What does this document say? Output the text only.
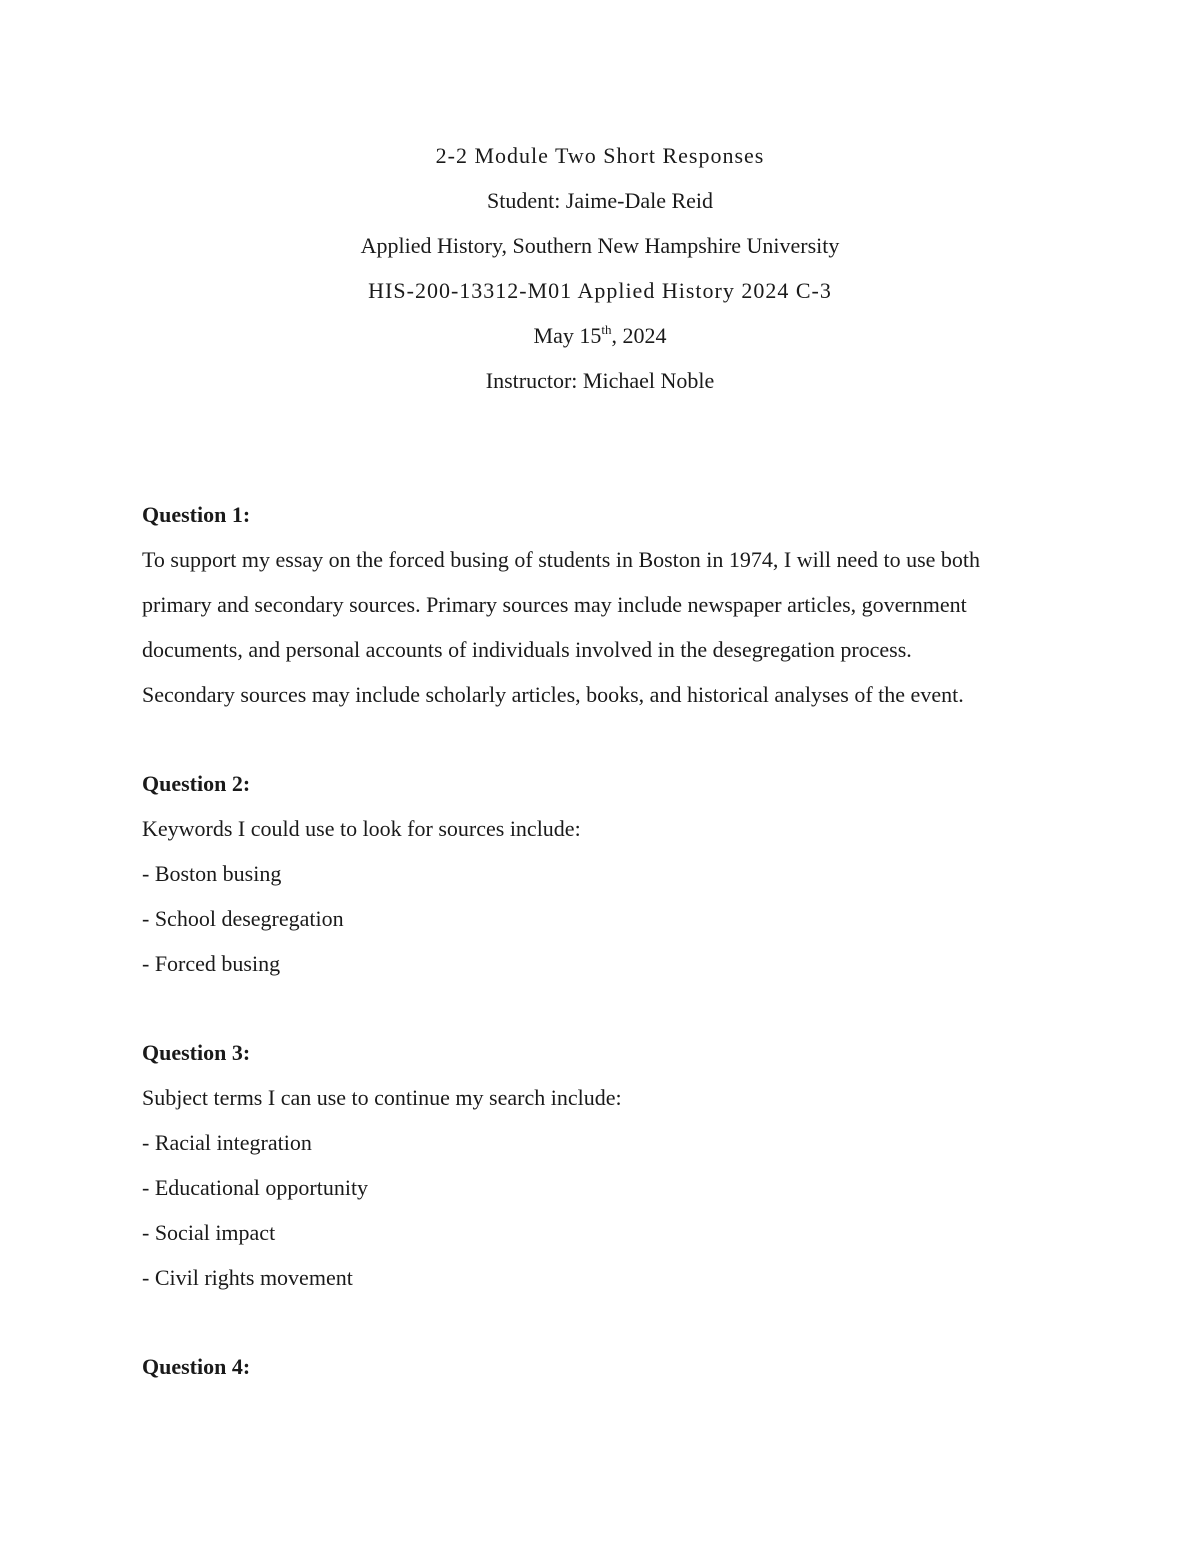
2-2 Module Two Short Responses

Student: Jaime-Dale Reid

Applied History, Southern New Hampshire University

HIS-200-13312-M01 Applied History 2024 C-3

May 15th, 2024

Instructor: Michael Noble

Question 1:

To support my essay on the forced busing of students in Boston in 1974, I will need to use both

primary and secondary sources. Primary sources may include newspaper articles, government

documents, and personal accounts of individuals involved in the desegregation process.

Secondary sources may include scholarly articles, books, and historical analyses of the event.

Question 2:

Keywords I could use to look for sources include:

- Boston busing

- School desegregation

- Forced busing

Question 3:

Subject terms I can use to continue my search include:

- Racial integration

- Educational opportunity

- Social impact

- Civil rights movement

Question 4:
